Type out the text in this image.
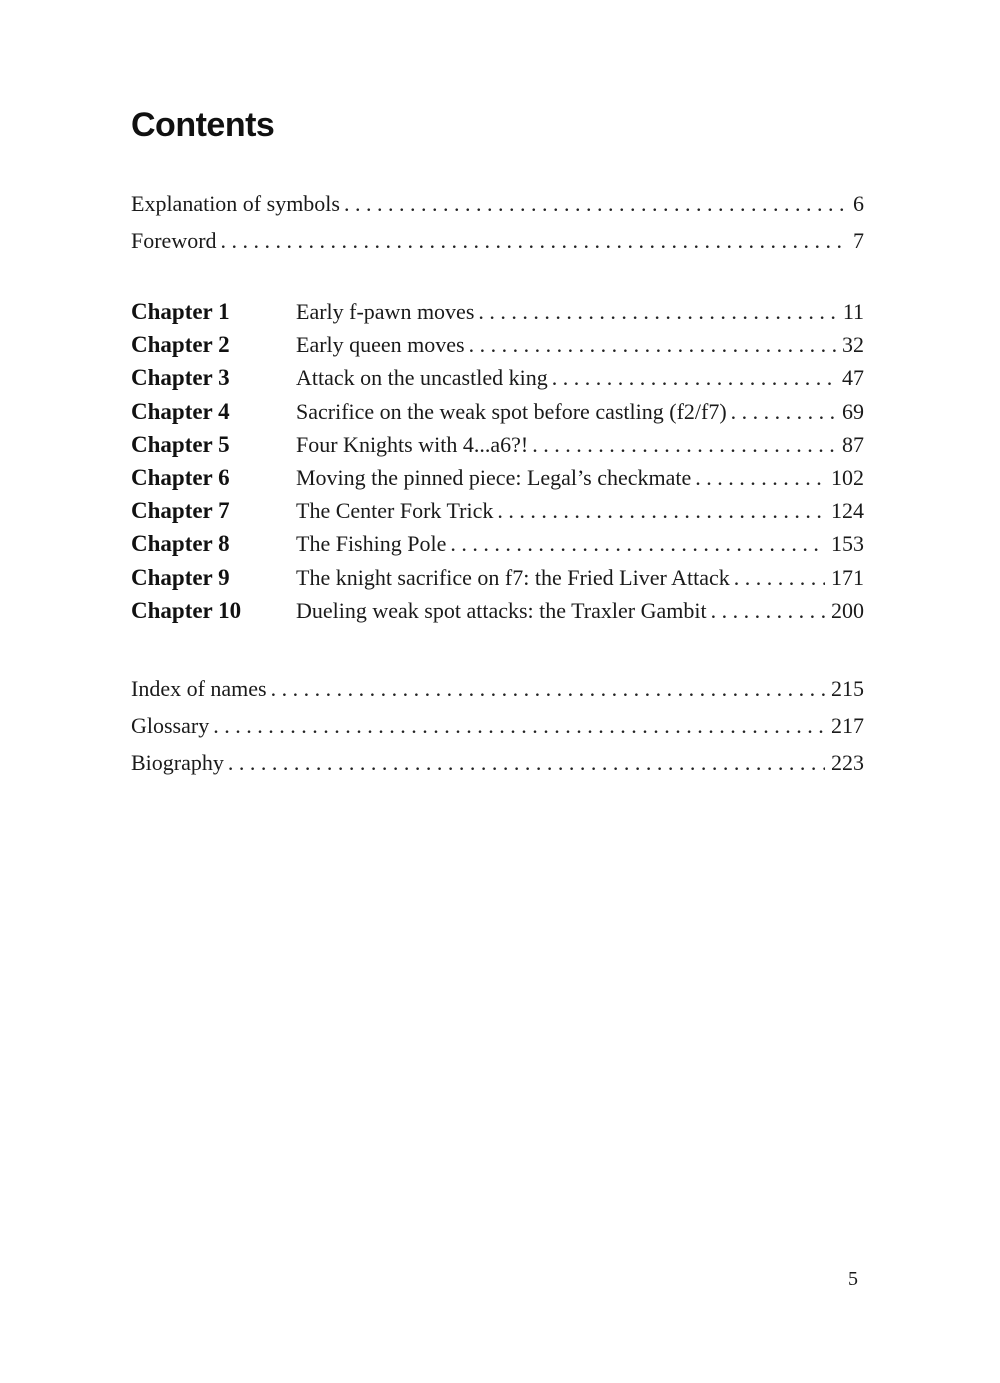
Contents
Explanation of symbols . . .	6
Foreword . . .	7
Chapter 1	Early f-pawn moves . . .	11
Chapter 2	Early queen moves . . .	32
Chapter 3	Attack on the uncastled king . . .	47
Chapter 4	Sacrifice on the weak spot before castling (f2/f7) . . .	69
Chapter 5	Four Knights with 4...a6?! . . .	87
Chapter 6	Moving the pinned piece: Legal’s checkmate . . .	102
Chapter 7	The Center Fork Trick . . .	124
Chapter 8	The Fishing Pole . . .	153
Chapter 9	The knight sacrifice on f7: the Fried Liver Attack . . .	171
Chapter 10	Dueling weak spot attacks: the Traxler Gambit . . .	200
Index of names . . .	215
Glossary . . .	217
Biography . . .	223
5
